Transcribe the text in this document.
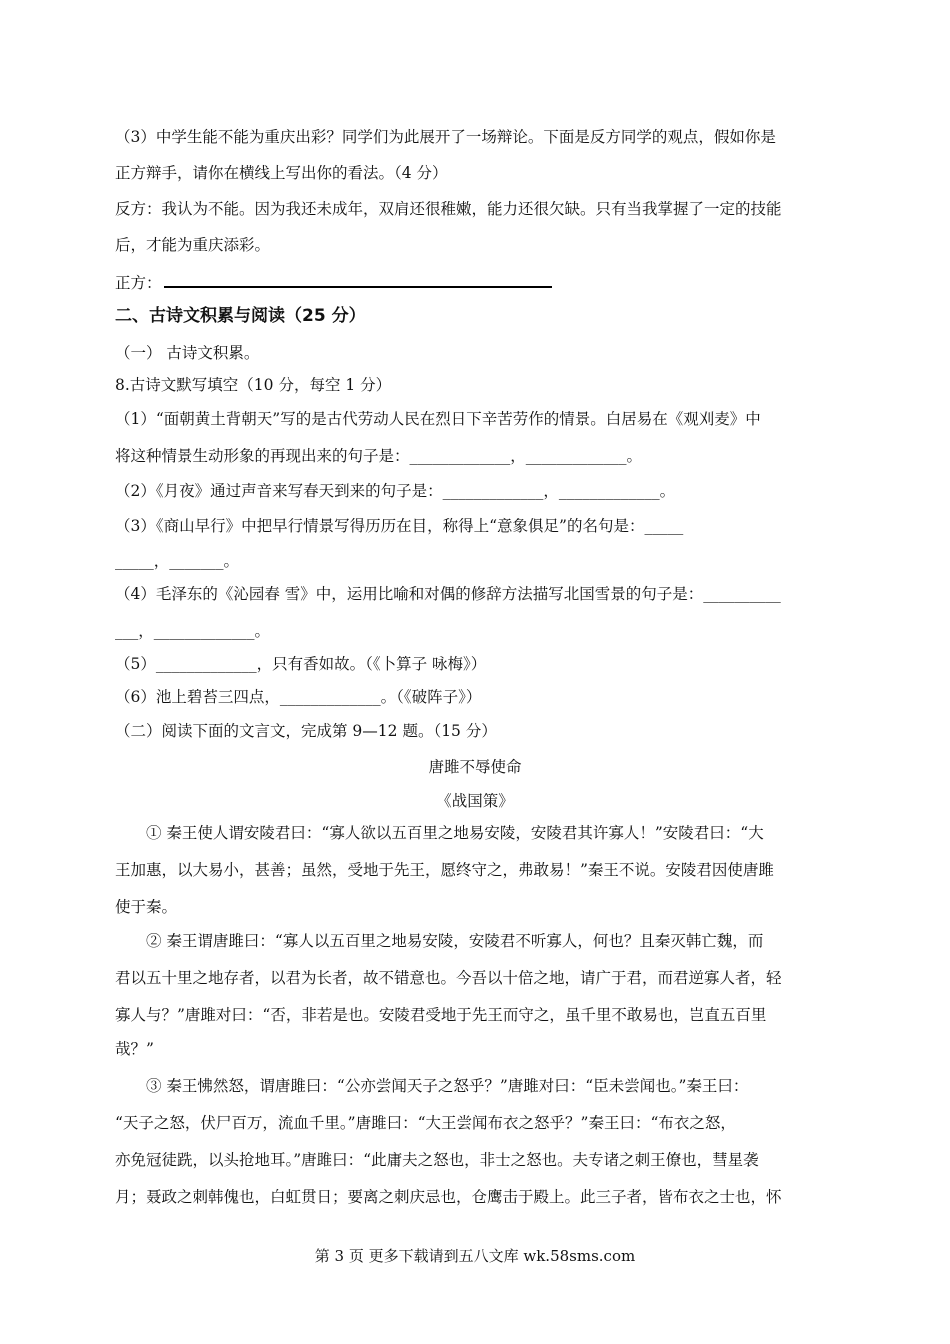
（3）中学生能不能为重庆出彩？同学们为此展开了一场辩论。下面是反方同学的观点，假如你是
正方辩手，请你在横线上写出你的看法。（4 分）
反方：我认为不能。因为我还未成年，双肩还很稚嫩，能力还很欠缺。只有当我掌握了一定的技能
后，才能为重庆添彩。
正方：
二、古诗文积累与阅读（25 分）
（一） 古诗文积累。
8.古诗文默写填空（10 分，每空 1 分）
（1）“面朝黄土背朝天”写的是古代劳动人民在烈日下辛苦劳作的情景。白居易在《观刈麦》中
将这种情景生动形象的再现出来的句子是：_____________，_____________。
（2）《月夜》通过声音来写春天到来的句子是：_____________，_____________。
（3）《商山早行》中把早行情景写得历历在目，称得上“意象俱足”的名句是：_____
_____，_______。
（4）毛泽东的《沁园春 雪》中，运用比喻和对偶的修辞方法描写北国雪景的句子是：__________
___，_____________。
（5）_____________，只有香如故。（《卜算子 咏梅》）
（6）池上碧苔三四点，_____________。（《破阵子》）
（二）阅读下面的文言文，完成第 9—12 题。（15 分）
唐雎不辱使命
《战国策》
① 秦王使人谓安陵君曰：“寡人欲以五百里之地易安陵，安陵君其许寡人！”安陵君曰：“大
王加惠，以大易小，甚善；虽然，受地于先王，愿终守之，弗敢易！”秦王不说。安陵君因使唐雎
使于秦。
② 秦王谓唐雎曰：“寡人以五百里之地易安陵，安陵君不听寡人，何也？且秦灭韩亡魏，而
君以五十里之地存者，以君为长者，故不错意也。今吾以十倍之地，请广于君，而君逆寡人者，轻
寡人与？”唐雎对曰：“否，非若是也。安陵君受地于先王而守之，虽千里不敢易也，岂直五百里
哉？”
③ 秦王怫然怒，谓唐雎曰：“公亦尝闻天子之怒乎？”唐雎对曰：“臣未尝闻也。”秦王曰：
“天子之怒，伏尸百万，流血千里。”唐雎曰：“大王尝闻布衣之怒乎？”秦王曰：“布衣之怒，
亦免冠徒跣，以头抢地耳。”唐雎曰：“此庸夫之怒也，非士之怒也。夫专诸之刺王僚也，彗星袭
月；聂政之刺韩傀也，白虹贯日；要离之刺庆忌也，仓鹰击于殿上。此三子者，皆布衣之士也，怀
第 3 页 更多下载请到五八文库 wk.58sms.com
